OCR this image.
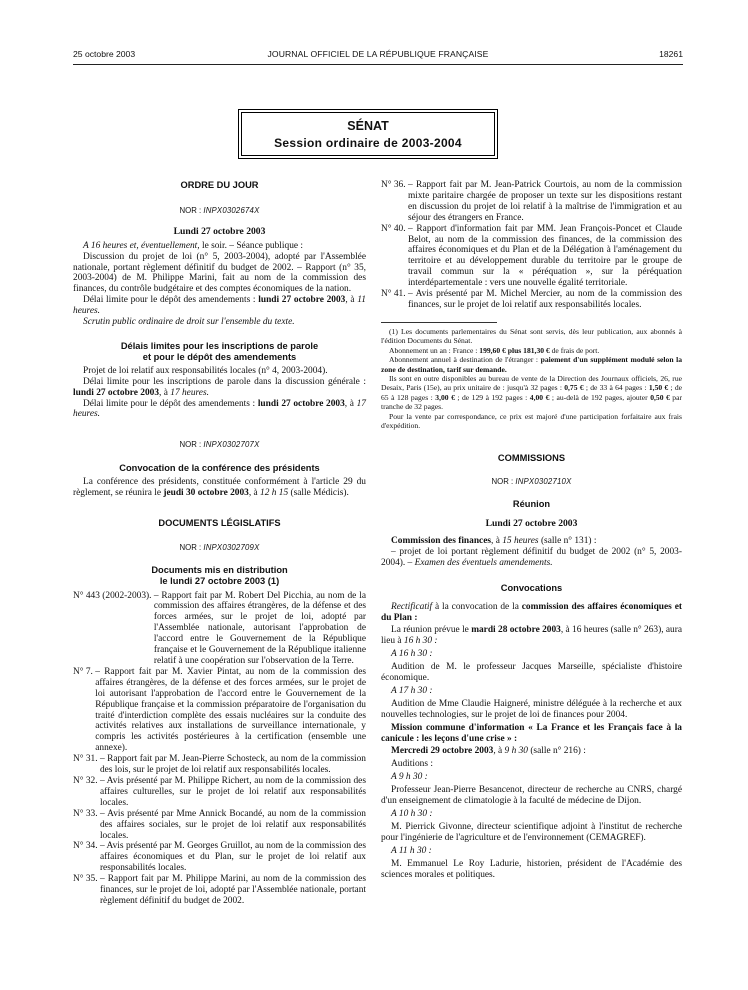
25 octobre 2003	JOURNAL OFFICIEL DE LA RÉPUBLIQUE FRANÇAISE	18261
SÉNAT
Session ordinaire de 2003-2004

ORDRE DU JOUR

NOR : INPX0302674X

Lundi 27 octobre 2003

A 16 heures et, éventuellement, le soir. – Séance publique :

Discussion du projet de loi (n° 5, 2003-2004), adopté par l'Assemblée nationale, portant règlement définitif du budget de 2002. – Rapport (n° 35, 2003-2004) de M. Philippe Marini, fait au nom de la commission des finances, du contrôle budgétaire et des comptes économiques de la nation.

Délai limite pour le dépôt des amendements : lundi 27 octobre 2003, à 11 heures.

Scrutin public ordinaire de droit sur l'ensemble du texte.

Délais limites pour les inscriptions de parole
et pour le dépôt des amendements

Projet de loi relatif aux responsabilités locales (n° 4, 2003-2004).

Délai limite pour les inscriptions de parole dans la discussion générale : lundi 27 octobre 2003, à 17 heures.

Délai limite pour le dépôt des amendements : lundi 27 octobre 2003, à 17 heures.

NOR : INPX0302707X

Convocation de la conférence des présidents

La conférence des présidents, constituée conformément à l'article 29 du règlement, se réunira le jeudi 30 octobre 2003, à 12 h 15 (salle Médicis).

DOCUMENTS LÉGISLATIFS

NOR : INPX0302709X

Documents mis en distribution
le lundi 27 octobre 2003 (1)

N° 443 (2002-2003). – Rapport fait par M. Robert Del Picchia, au nom de la commission des affaires étrangères, de la défense et des forces armées, sur le projet de loi, adopté par l'Assemblée nationale, autorisant l'approbation de l'accord entre le Gouvernement de la République française et le Gouvernement de la République italienne relatif à une coopération sur l'observation de la Terre.

N° 7. – Rapport fait par M. Xavier Pintat, au nom de la commission des affaires étrangères, de la défense et des forces armées, sur le projet de loi autorisant l'approbation de l'accord entre le Gouvernement de la République française et la commission préparatoire de l'organisation du traité d'interdiction complète des essais nucléaires sur la conduite des activités relatives aux installations de surveillance internationale, y compris les activités postérieures à la certification (ensemble une annexe).

N° 31. – Rapport fait par M. Jean-Pierre Schosteck, au nom de la commission des lois, sur le projet de loi relatif aux responsabilités locales.

N° 32. – Avis présenté par M. Philippe Richert, au nom de la commission des affaires culturelles, sur le projet de loi relatif aux responsabilités locales.

N° 33. – Avis présenté par Mme Annick Bocandé, au nom de la commission des affaires sociales, sur le projet de loi relatif aux responsabilités locales.

N° 34. – Avis présenté par M. Georges Gruillot, au nom de la commission des affaires économiques et du Plan, sur le projet de loi relatif aux responsabilités locales.

N° 35. – Rapport fait par M. Philippe Marini, au nom de la commission des finances, sur le projet de loi, adopté par l'Assemblée nationale, portant règlement définitif du budget de 2002.

N° 36. – Rapport fait par M. Jean-Patrick Courtois, au nom de la commission mixte paritaire chargée de proposer un texte sur les dispositions restant en discussion du projet de loi relatif à la maîtrise de l'immigration et au séjour des étrangers en France.

N° 40. – Rapport d'information fait par MM. Jean François-Poncet et Claude Belot, au nom de la commission des finances, de la commission des affaires économiques et du Plan et de la Délégation à l'aménagement du territoire et au développement durable du territoire par le groupe de travail commun sur la « péréquation », sur la péréquation interdépartementale : vers une nouvelle égalité territoriale.

N° 41. – Avis présenté par M. Michel Mercier, au nom de la commission des finances, sur le projet de loi relatif aux responsabilités locales.

(1) Les documents parlementaires du Sénat sont servis, dès leur publication, aux abonnés à l'édition Documents du Sénat.

Abonnement un an : France : 199,60 € plus 181,30 € de frais de port.

Abonnement annuel à destination de l'étranger : paiement d'un supplément modulé selon la zone de destination, tarif sur demande.

Ils sont en outre disponibles au bureau de vente de la Direction des Journaux officiels, 26, rue Desaix, Paris (15e), au prix unitaire de : jusqu'à 32 pages : 0,75 € ; de 33 à 64 pages : 1,50 € ; de 65 à 128 pages : 3,00 € ; de 129 à 192 pages : 4,00 € ; au-delà de 192 pages, ajouter 0,50 € par tranche de 32 pages.

Pour la vente par correspondance, ce prix est majoré d'une participation forfaitaire aux frais d'expédition.

COMMISSIONS

NOR : INPX0302710X

Réunion

Lundi 27 octobre 2003

Commission des finances, à 15 heures (salle n° 131) :

– projet de loi portant règlement définitif du budget de 2002 (n° 5, 2003-2004). – Examen des éventuels amendements.

Convocations

Rectificatif à la convocation de la commission des affaires économiques et du Plan :

La réunion prévue le mardi 28 octobre 2003, à 16 heures (salle n° 263), aura lieu à 16 h 30 :

A 16 h 30 :

Audition de M. le professeur Jacques Marseille, spécialiste d'histoire économique.

A 17 h 30 :

Audition de Mme Claudie Haigneré, ministre déléguée à la recherche et aux nouvelles technologies, sur le projet de loi de finances pour 2004.

Mission commune d'information « La France et les Français face à la canicule : les leçons d'une crise » :

Mercredi 29 octobre 2003, à 9 h 30 (salle n° 216) :

Auditions :

A 9 h 30 :

Professeur Jean-Pierre Besancenot, directeur de recherche au CNRS, chargé d'un enseignement de climatologie à la faculté de médecine de Dijon.

A 10 h 30 :

M. Pierrick Givonne, directeur scientifique adjoint à l'institut de recherche pour l'ingénierie de l'agriculture et de l'environnement (CEMAGREF).

A 11 h 30 :

M. Emmanuel Le Roy Ladurie, historien, président de l'Académie des sciences morales et politiques.
